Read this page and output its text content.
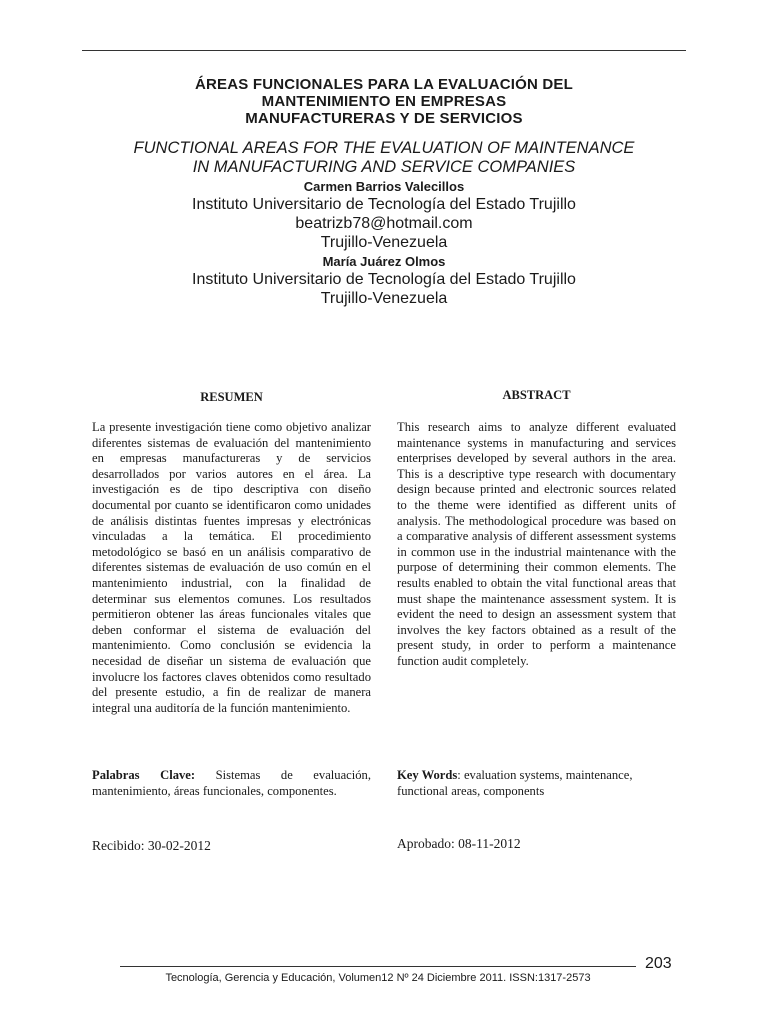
ÁREAS FUNCIONALES PARA LA EVALUACIÓN DEL

MANTENIMIENTO EN EMPRESAS

MANUFACTURERAS Y DE SERVICIOS

FUNCTIONAL AREAS FOR THE EVALUATION OF MAINTENANCE

IN MANUFACTURING AND SERVICE COMPANIES

Carmen Barrios Valecillos

Instituto Universitario de Tecnología del Estado Trujillo

beatrizb78@hotmail.com

Trujillo-Venezuela

María Juárez Olmos

Instituto Universitario de Tecnología del Estado Trujillo

Trujillo-Venezuela

RESUMEN	ABSTRACT

La presente investigación tiene como objetivo analizar diferentes sistemas de evaluación del mantenimiento en empresas manufactureras y de servicios desarrollados por varios autores en el área. La investigación es de tipo descriptiva con diseño documental por cuanto se identificaron como unidades de análisis distintas fuentes impresas y electrónicas vinculadas a la temática. El procedimiento metodológico se basó en un análisis comparativo de diferentes sistemas de evaluación de uso común en el mantenimiento industrial, con la finalidad de determinar sus elementos comunes. Los resultados permitieron obtener las áreas funcionales vitales que deben conformar el sistema de evaluación del mantenimiento. Como conclusión se evidencia la necesidad de diseñar un sistema de evaluación que involucre los factores claves obtenidos como resultado del presente estudio, a fin de realizar de manera integral una auditoría de la función mantenimiento.

This research aims to analyze different evaluated maintenance systems in manufacturing and services enterprises developed by several authors in the area. This is a descriptive type research with documentary design because printed and electronic sources related to the theme were identified as different units of analysis. The methodological procedure was based on a comparative analysis of different assessment systems in common use in the industrial maintenance with the purpose of determining their common elements. The results enabled to obtain the vital functional areas that must shape the maintenance assessment system. It is evident the need to design an assessment system that involves the key factors obtained as a result of the present study, in order to perform a maintenance function audit completely.

Palabras Clave: Sistemas de evaluación, mantenimiento, áreas funcionales, componentes.

Key Words: evaluation systems, maintenance, functional areas, components

Recibido: 30-02-2012	Aprobado: 08-11-2012
203
Tecnología, Gerencia y Educación, Volumen12 Nº 24 Diciembre 2011. ISSN:1317-2573
